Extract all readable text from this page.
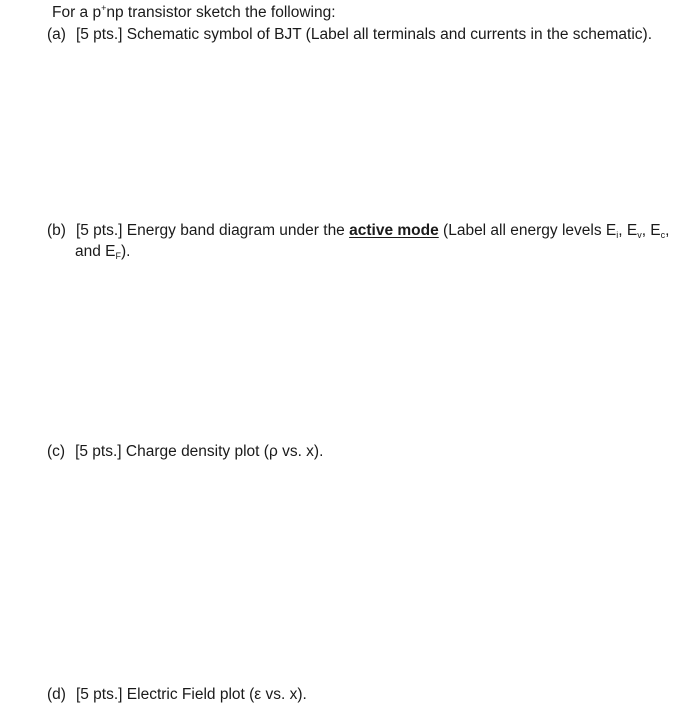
For a p+np transistor sketch the following:
(a) [5 pts.] Schematic symbol of BJT (Label all terminals and currents in the schematic).
(b) [5 pts.] Energy band diagram under the active mode (Label all energy levels $E_i$, $E_v$, $E_c$,
and $E_F$).
(c) [5 pts.] Charge density plot (ρ vs. x).
(d) [5 pts.] Electric Field plot (ε vs. x).
